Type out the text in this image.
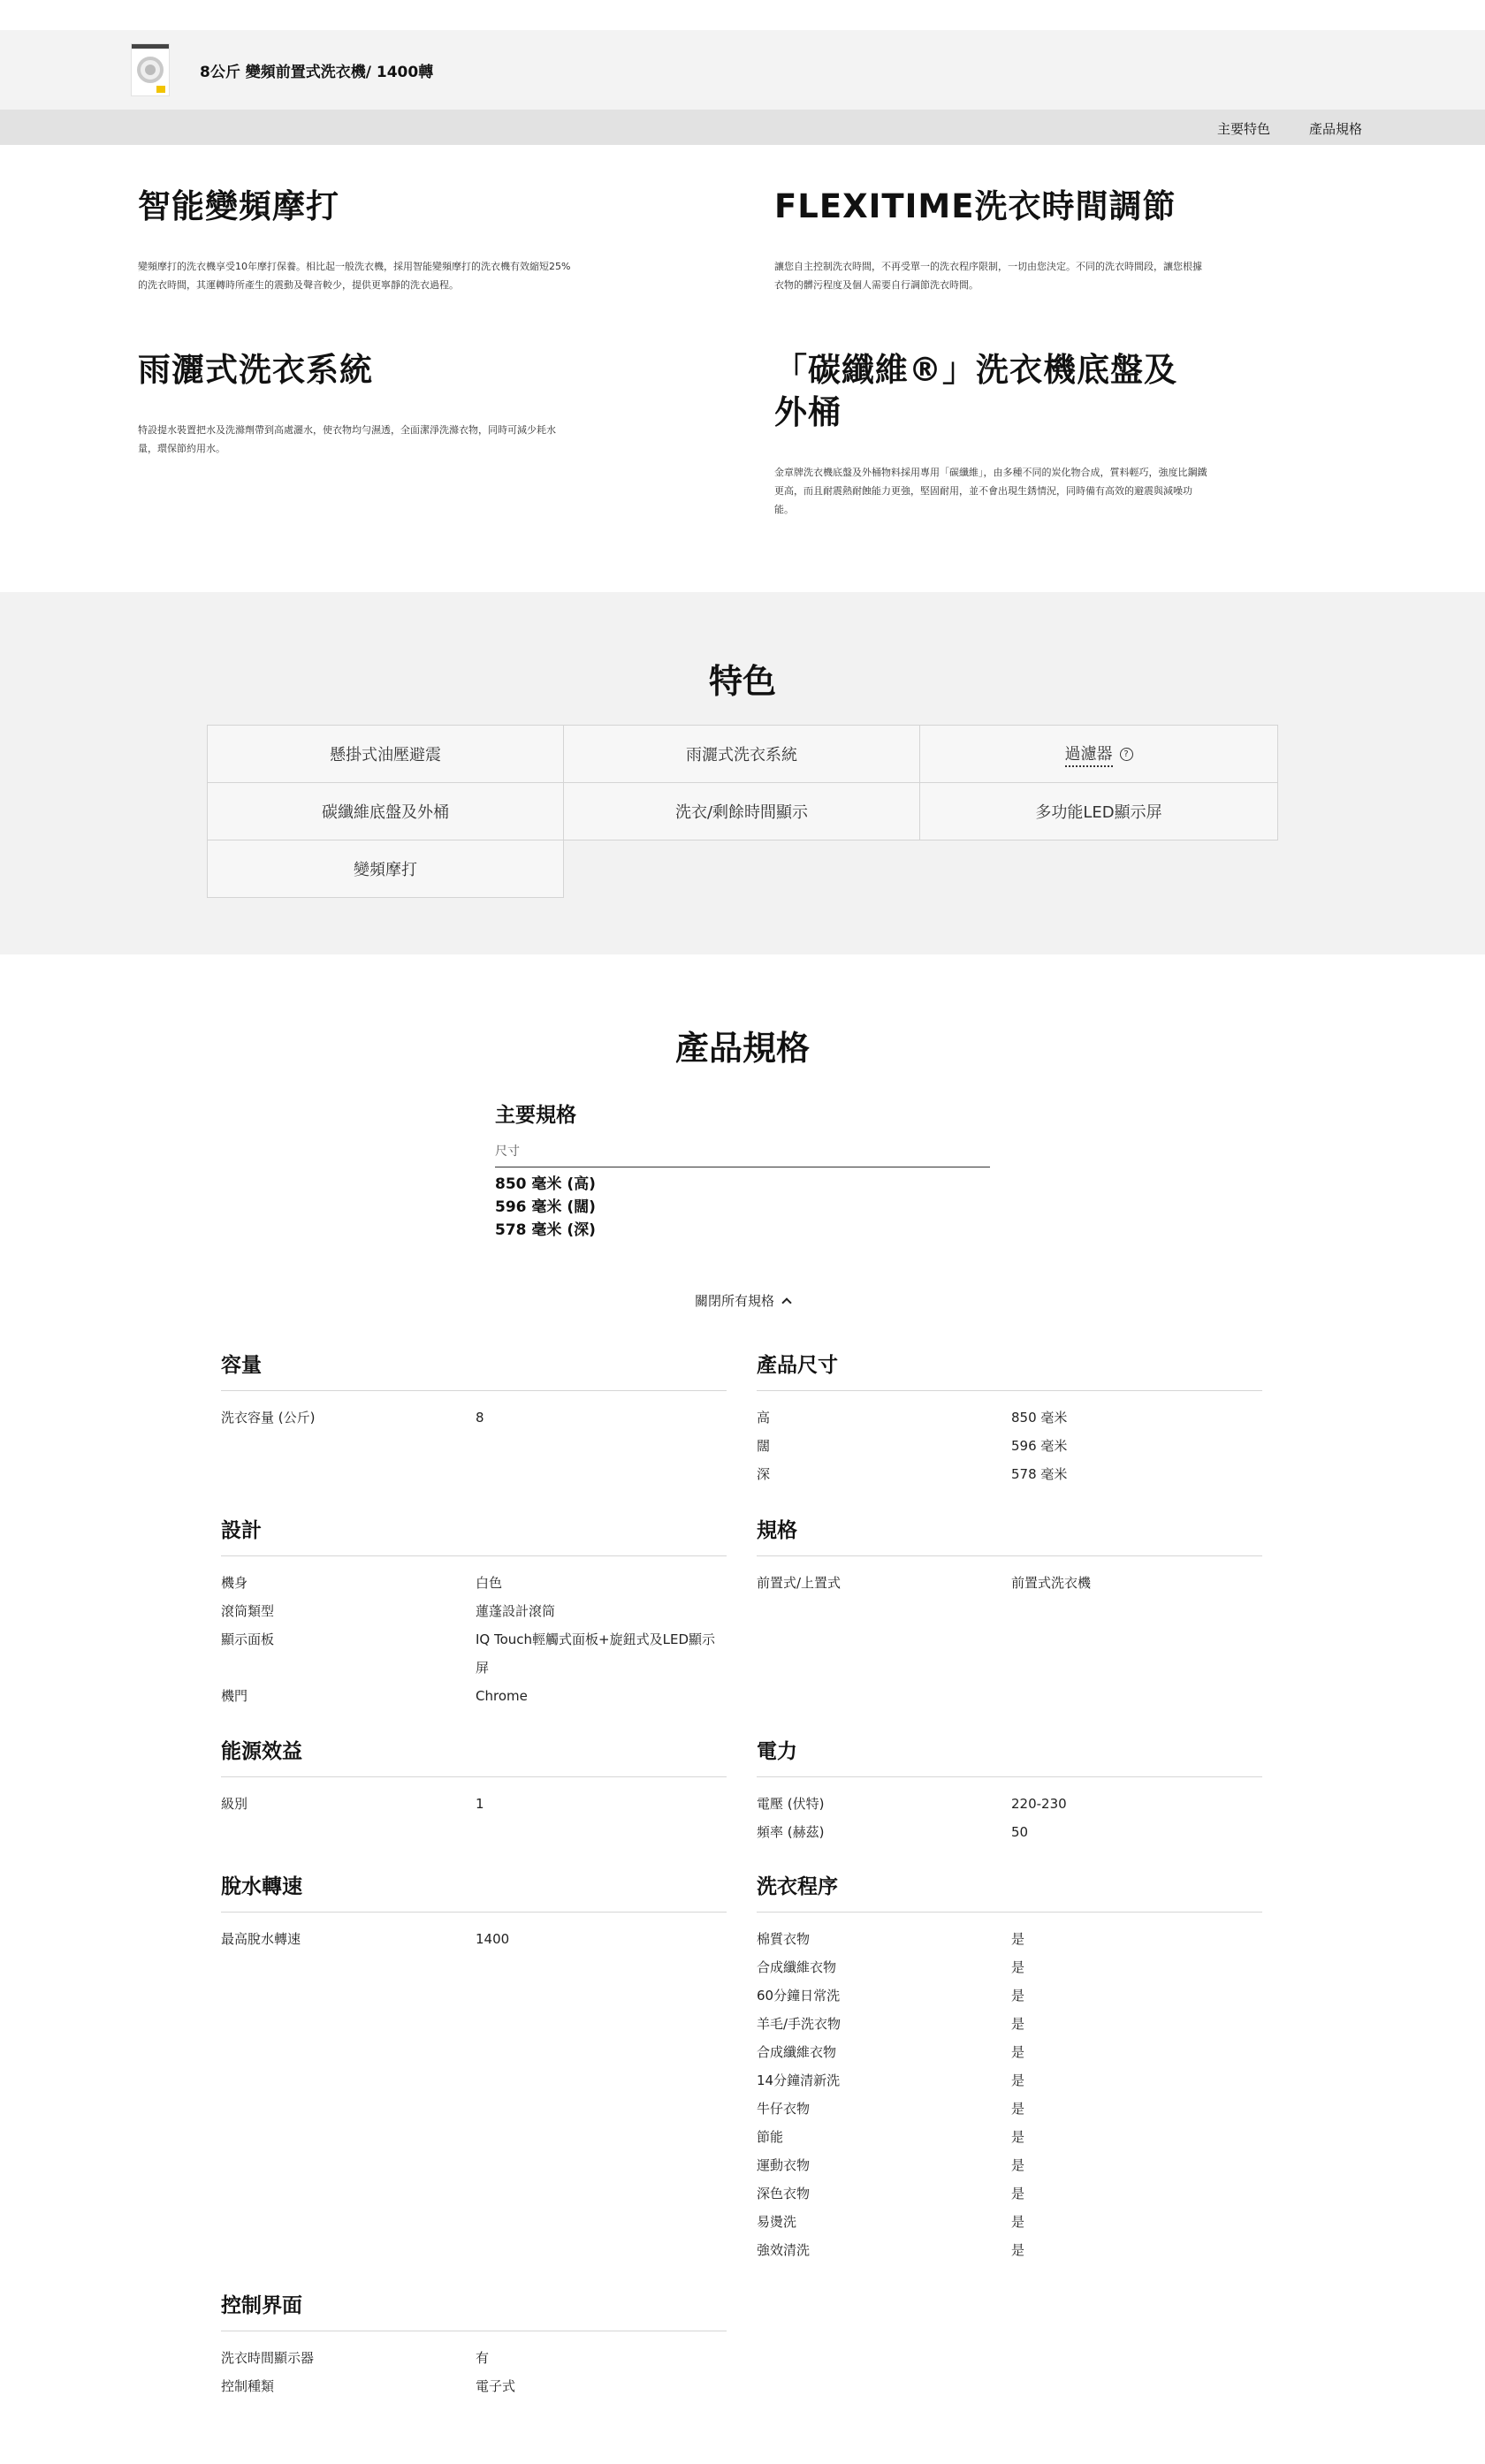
8公斤 變頻前置式洗衣機/ 1400轉
主要特色	產品規格
智能變頻摩打

變頻摩打的洗衣機享受10年摩打保養。相比起一般洗衣機，採用智能變頻摩打的洗衣機有效縮短25%的洗衣時間，其運轉時所產生的震動及聲音較少，提供更寧靜的洗衣過程。

FLEXITIME洗衣時間調節

讓您自主控制洗衣時間，不再受單一的洗衣程序限制，一切由您決定。不同的洗衣時間段，讓您根據衣物的髒污程度及個人需要自行調節洗衣時間。

雨灑式洗衣系統

特設提水裝置把水及洗滌劑帶到高處灑水，使衣物均勻濕透，全面潔淨洗滌衣物，同時可減少耗水量，環保節約用水。

「碳纖維®」洗衣機底盤及外桶

金章牌洗衣機底盤及外桶物料採用專用「碳纖維」，由多種不同的炭化物合成，質料輕巧，強度比鋼鐵更高，而且耐震熱耐蝕能力更強，堅固耐用，並不會出現生銹情況，同時備有高效的避震與減噪功能。

特色
懸掛式油壓避震	雨灑式洗衣系統	過濾器	?
碳纖維底盤及外桶	洗衣/剩餘時間顯示	多功能LED顯示屏
變頻摩打
產品規格
主要規格
尺寸
850 毫米 (高)
596 毫米 (闊)
578 毫米 (深)
關閉所有規格
容量
洗衣容量 (公斤)	8
產品尺寸
高	850 毫米
闊	596 毫米
深	578 毫米
設計
機身	白色
滾筒類型	蓮蓬設計滾筒
顯示面板	IQ Touch輕觸式面板+旋鈕式及LED顯示屏
機門	Chrome
規格
前置式/上置式	前置式洗衣機
能源效益
級別	1
電力
電壓 (伏特)	220-230
頻率 (赫茲)	50
脫水轉速
最高脫水轉速	1400
洗衣程序
棉質衣物	是
合成纖維衣物	是
60分鐘日常洗	是
羊毛/手洗衣物	是
合成纖維衣物	是
14分鐘清新洗	是
牛仔衣物	是
節能	是
運動衣物	是
深色衣物	是
易燙洗	是
強效清洗	是
控制界面
洗衣時間顯示器	有
控制種類	電子式
